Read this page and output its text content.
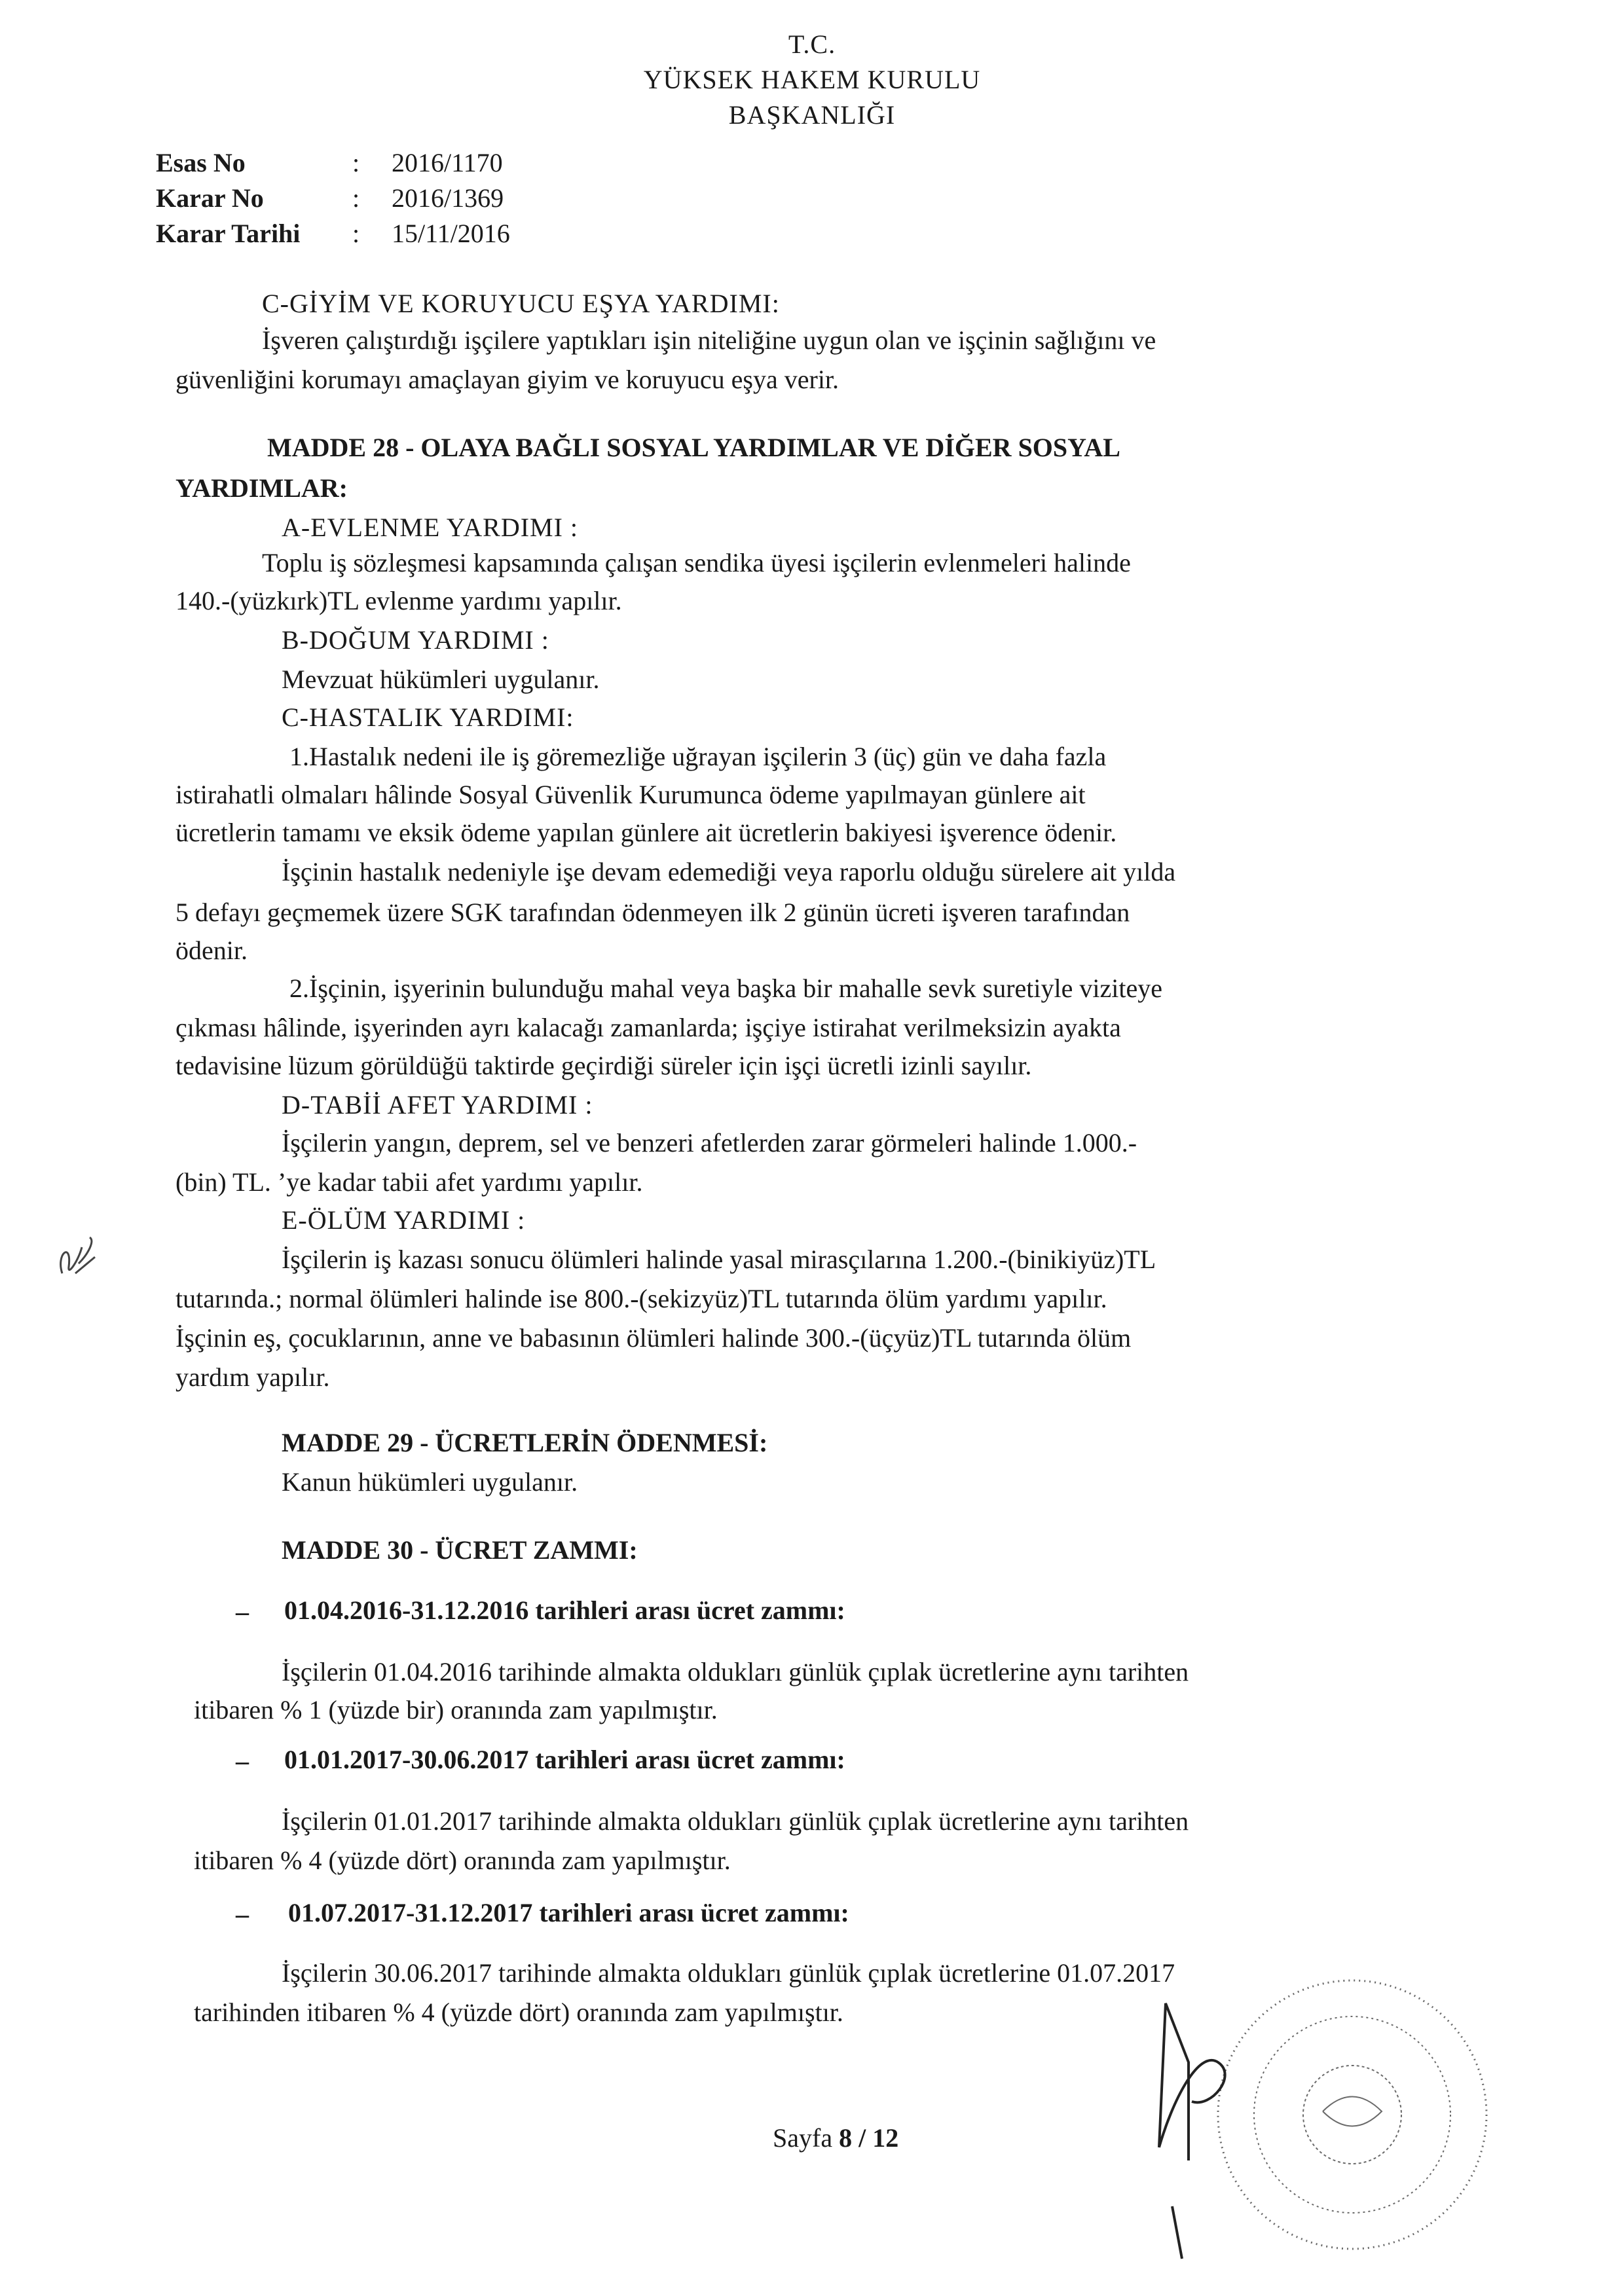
T.C.
YÜKSEK HAKEM KURULU
BAŞKANLIĞI
Esas No	:	2016/1170
Karar No	:	2016/1369
Karar Tarihi	:	15/11/2016
C-GİYİM VE KORUYUCU EŞYA YARDIMI:
İşveren çalıştırdığı işçilere yaptıkları işin niteliğine uygun olan ve işçinin sağlığını ve
güvenliğini korumayı amaçlayan giyim ve koruyucu eşya verir.
MADDE 28 - OLAYA BAĞLI SOSYAL YARDIMLAR VE DİĞER SOSYAL
YARDIMLAR:
A-EVLENME YARDIMI :
Toplu iş sözleşmesi kapsamında çalışan sendika üyesi işçilerin evlenmeleri halinde
140.-(yüzkırk)TL evlenme yardımı yapılır.
B-DOĞUM YARDIMI :
Mevzuat hükümleri uygulanır.
C-HASTALIK YARDIMI:
1.Hastalık nedeni ile iş göremezliğe uğrayan işçilerin 3 (üç) gün ve daha fazla
istirahatli olmaları hâlinde Sosyal Güvenlik Kurumunca ödeme yapılmayan günlere ait
ücretlerin tamamı ve eksik ödeme yapılan günlere ait ücretlerin bakiyesi işverence ödenir.
İşçinin hastalık nedeniyle işe devam edemediği veya raporlu olduğu sürelere ait yılda
5 defayı geçmemek üzere SGK tarafından ödenmeyen ilk 2 günün ücreti işveren tarafından
ödenir.
2.İşçinin, işyerinin bulunduğu mahal veya başka bir mahalle sevk suretiyle viziteye
çıkması hâlinde, işyerinden ayrı kalacağı zamanlarda; işçiye istirahat verilmeksizin ayakta
tedavisine lüzum görüldüğü taktirde geçirdiği süreler için işçi ücretli izinli sayılır.
D-TABİİ AFET YARDIMI :
İşçilerin yangın, deprem, sel ve benzeri afetlerden zarar görmeleri halinde 1.000.-
(bin) TL. ’ye kadar tabii afet yardımı yapılır.
E-ÖLÜM YARDIMI :
İşçilerin iş kazası sonucu ölümleri halinde yasal mirasçılarına 1.200.-(binikiyüz)TL
tutarında.; normal ölümleri halinde ise 800.-(sekizyüz)TL tutarında ölüm yardımı yapılır.
İşçinin eş, çocuklarının, anne ve babasının ölümleri halinde 300.-(üçyüz)TL tutarında ölüm
yardım yapılır.
MADDE 29 - ÜCRETLERİN ÖDENMESİ:
Kanun hükümleri uygulanır.
MADDE 30 - ÜCRET ZAMMI:
– 01.04.2016-31.12.2016 tarihleri arası ücret zammı:
İşçilerin 01.04.2016 tarihinde almakta oldukları günlük çıplak ücretlerine aynı tarihten
itibaren % 1 (yüzde bir) oranında zam yapılmıştır.
– 01.01.2017-30.06.2017 tarihleri arası ücret zammı:
İşçilerin 01.01.2017 tarihinde almakta oldukları günlük çıplak ücretlerine aynı tarihten
itibaren % 4 (yüzde dört) oranında zam yapılmıştır.
– 01.07.2017-31.12.2017 tarihleri arası ücret zammı:
İşçilerin 30.06.2017 tarihinde almakta oldukları günlük çıplak ücretlerine 01.07.2017
tarihinden itibaren % 4 (yüzde dört) oranında zam yapılmıştır.
Sayfa 8 / 12
